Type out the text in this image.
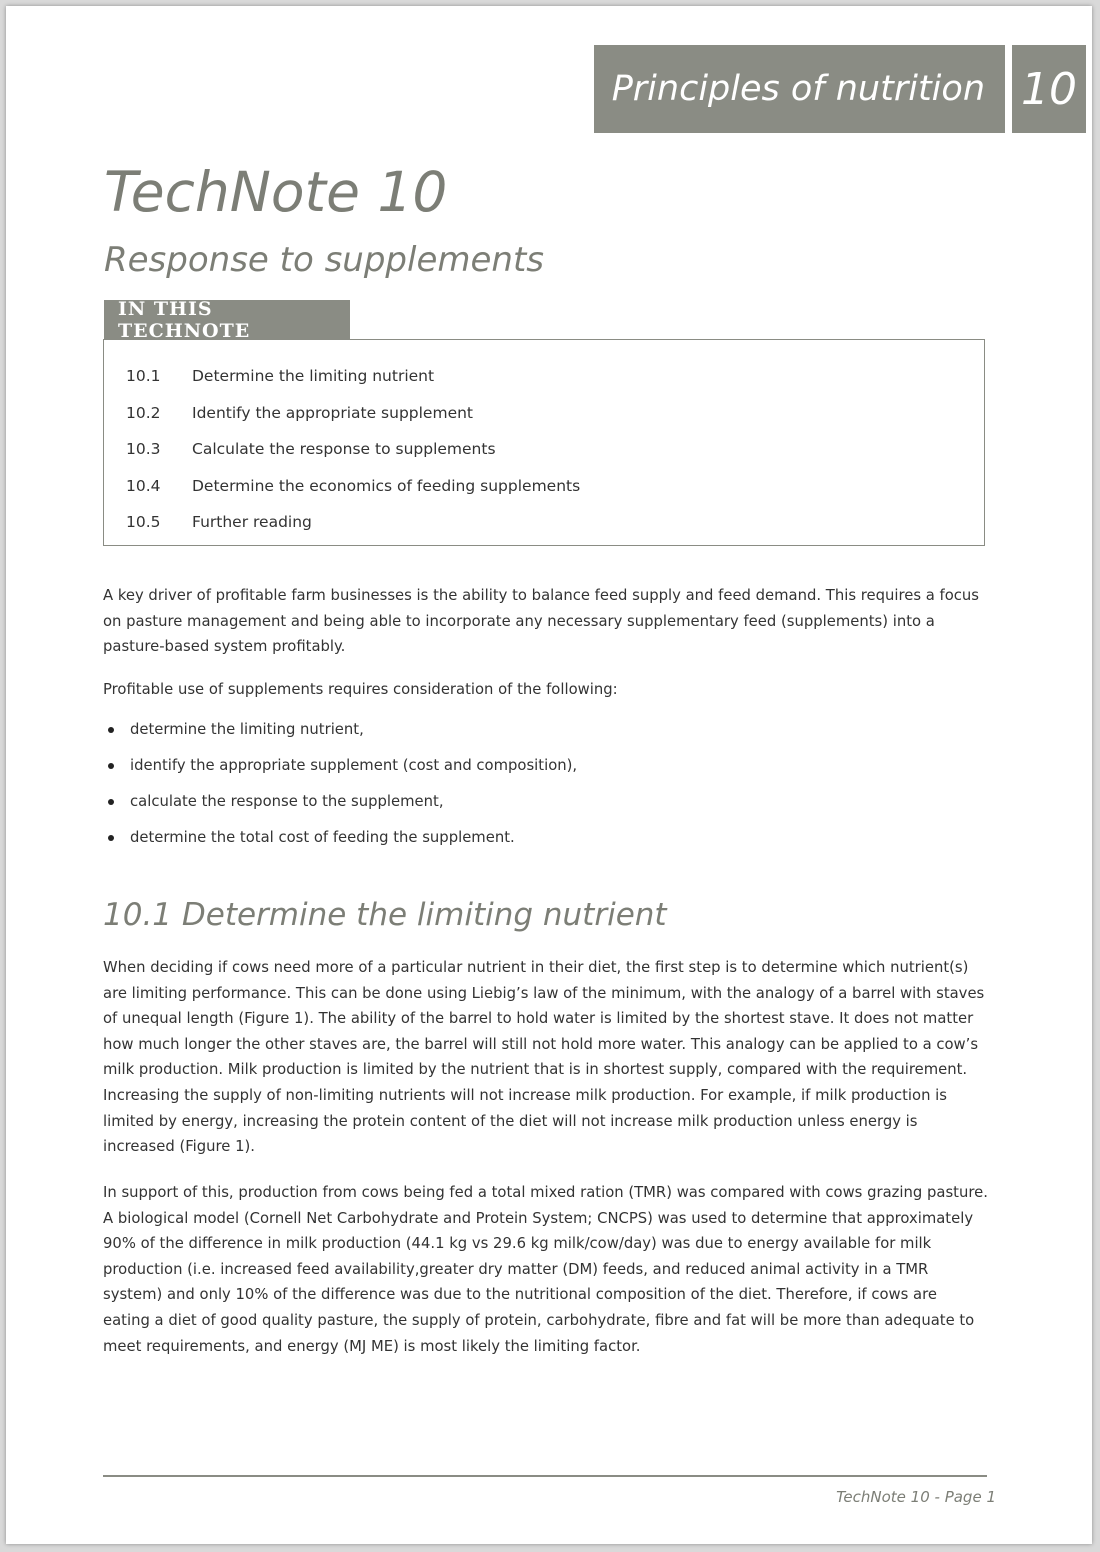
Principles of nutrition 10
TechNote 10
Response to supplements
IN THIS TECHNOTE
10.1	Determine the limiting nutrient
10.2	Identify the appropriate supplement
10.3	Calculate the response to supplements
10.4	Determine the economics of feeding supplements
10.5	Further reading

A key driver of profitable farm businesses is the ability to balance feed supply and feed demand. This requires a focus on pasture management and being able to incorporate any necessary supplementary feed (supplements) into a pasture-based system profitably.

Profitable use of supplements requires consideration of the following:

determine the limiting nutrient,
identify the appropriate supplement (cost and composition),
calculate the response to the supplement,
determine the total cost of feeding the supplement.
10.1 Determine the limiting nutrient

When deciding if cows need more of a particular nutrient in their diet, the first step is to determine which nutrient(s) are limiting performance. This can be done using Liebig’s law of the minimum, with the analogy of a barrel with staves of unequal length (Figure 1). The ability of the barrel to hold water is limited by the shortest stave. It does not matter how much longer the other staves are, the barrel will still not hold more water. This analogy can be applied to a cow’s milk production. Milk production is limited by the nutrient that is in shortest supply, compared with the requirement. Increasing the supply of non-limiting nutrients will not increase milk production. For example, if milk production is limited by energy, increasing the protein content of the diet will not increase milk production unless energy is increased (Figure 1).

In support of this, production from cows being fed a total mixed ration (TMR) was compared with cows grazing pasture. A biological model (Cornell Net Carbohydrate and Protein System; CNCPS) was used to determine that approximately 90% of the difference in milk production (44.1 kg vs 29.6 kg milk/cow/day) was due to energy available for milk production (i.e. increased feed availability,greater dry matter (DM) feeds, and reduced animal activity in a TMR system) and only 10% of the difference was due to the nutritional composition of the diet. Therefore, if cows are eating a diet of good quality pasture, the supply of protein, carbohydrate, fibre and fat will be more than adequate to meet requirements, and energy (MJ ME) is most likely the limiting factor.

TechNote 10 - Page 1
